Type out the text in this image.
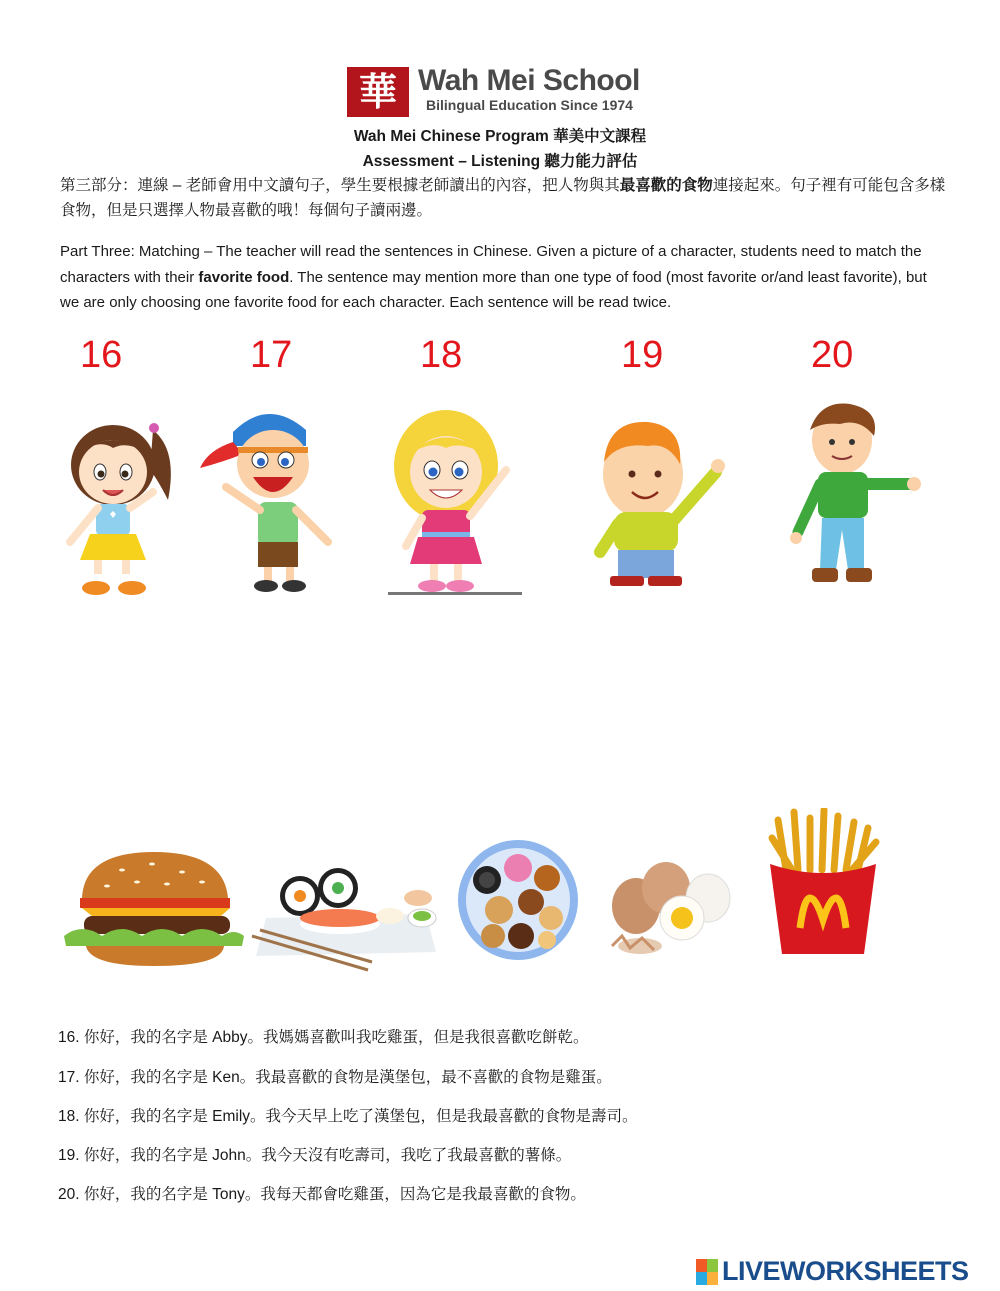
華 Wah Mei School
Bilingual Education Since 1974
Wah Mei Chinese Program 華美中文課程
Assessment – Listening 聽力能力評估
第三部分：連線 – 老師會用中文讀句子，學生要根據老師讀出的內容，把人物與其最喜歡的食物連接起來。句子裡有可能包含多樣食物，但是只選擇人物最喜歡的哦！每個句子讀兩邊。
Part Three: Matching – The teacher will read the sentences in Chinese. Given a picture of a character, students need to match the characters with their favorite food. The sentence may mention more than one type of food (most favorite or/and least favorite), but we are only choosing one favorite food for each character. Each sentence will be read twice.
16	17	18	19	20
16. 你好，我的名字是 Abby。我媽媽喜歡叫我吃雞蛋，但是我很喜歡吃餅乾。
17. 你好，我的名字是 Ken。我最喜歡的食物是漢堡包，最不喜歡的食物是雞蛋。
18. 你好，我的名字是 Emily。我今天早上吃了漢堡包，但是我最喜歡的食物是壽司。
19. 你好，我的名字是 John。我今天沒有吃壽司，我吃了我最喜歡的薯條。
20. 你好，我的名字是 Tony。我每天都會吃雞蛋，因為它是我最喜歡的食物。
LIVEWORKSHEETS
